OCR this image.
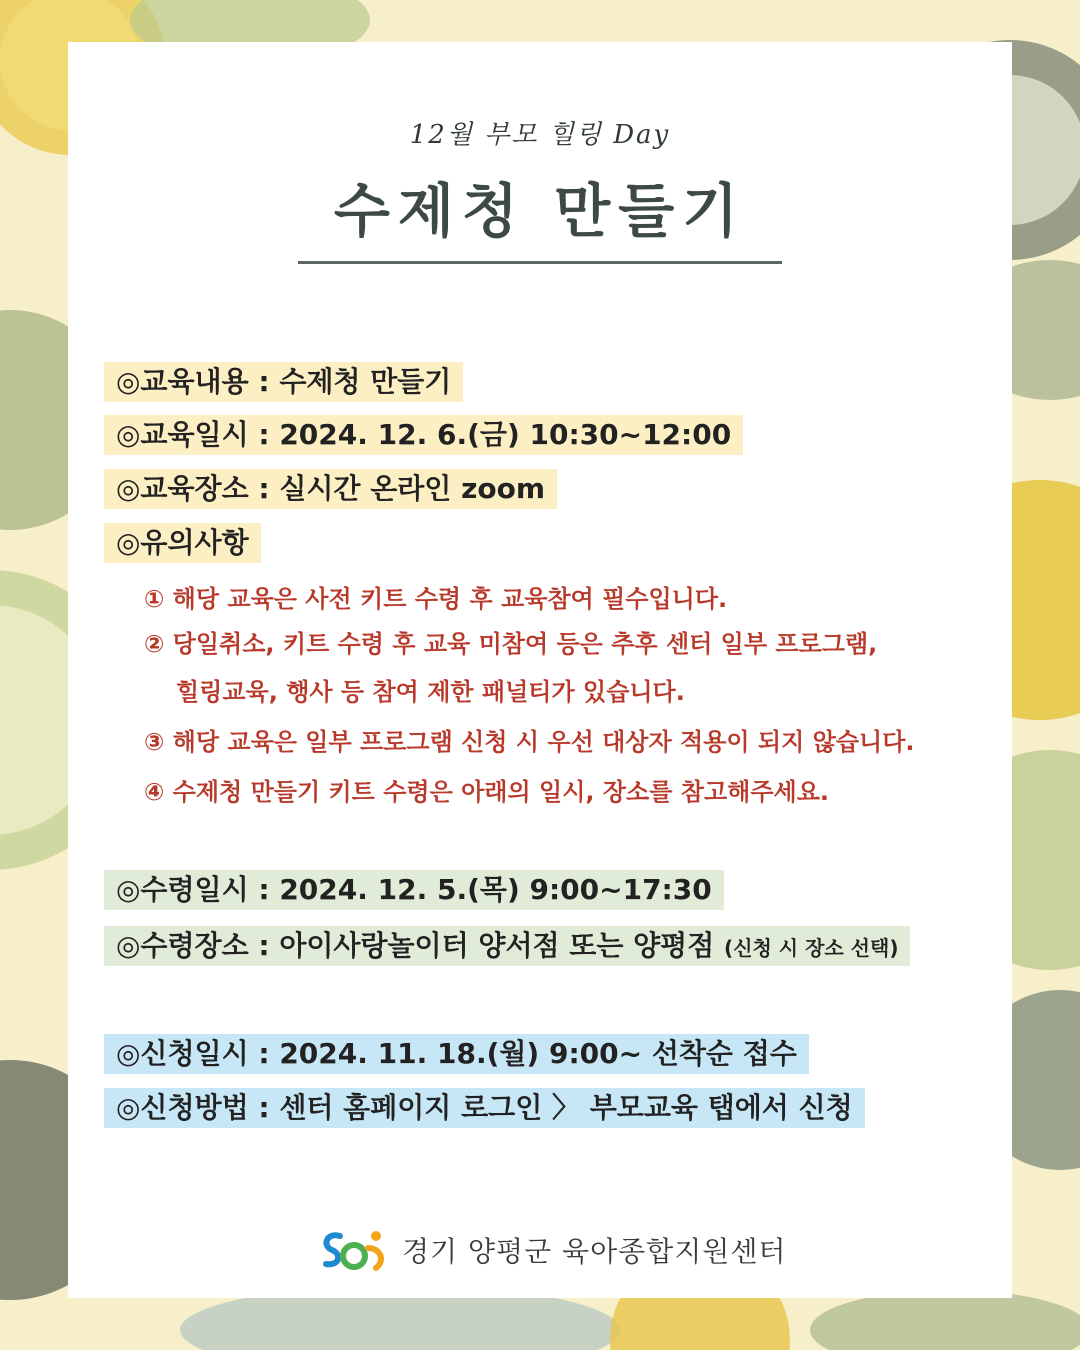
12월 부모 힐링 Day
수제청 만들기
◎교육내용 : 수제청 만들기
◎교육일시 : 2024. 12. 6.(금) 10:30~12:00
◎교육장소 : 실시간 온라인 zoom
◎유의사항
① 해당 교육은 사전 키트 수령 후 교육참여 필수입니다.
② 당일취소, 키트 수령 후 교육 미참여 등은 추후 센터 일부 프로그램,
힐링교육, 행사 등 참여 제한 패널티가 있습니다.
③ 해당 교육은 일부 프로그램 신청 시 우선 대상자 적용이 되지 않습니다.
④ 수제청 만들기 키트 수령은 아래의 일시, 장소를 참고해주세요.
◎수령일시 : 2024. 12. 5.(목) 9:00~17:30
◎수령장소 : 아이사랑놀이터 양서점 또는 양평점 (신청 시 장소 선택)
◎신청일시 : 2024. 11. 18.(월) 9:00~ 선착순 접수
◎신청방법 : 센터 홈페이지 로그인 〉 부모교육 탭에서 신청
경기 양평군 육아종합지원센터
